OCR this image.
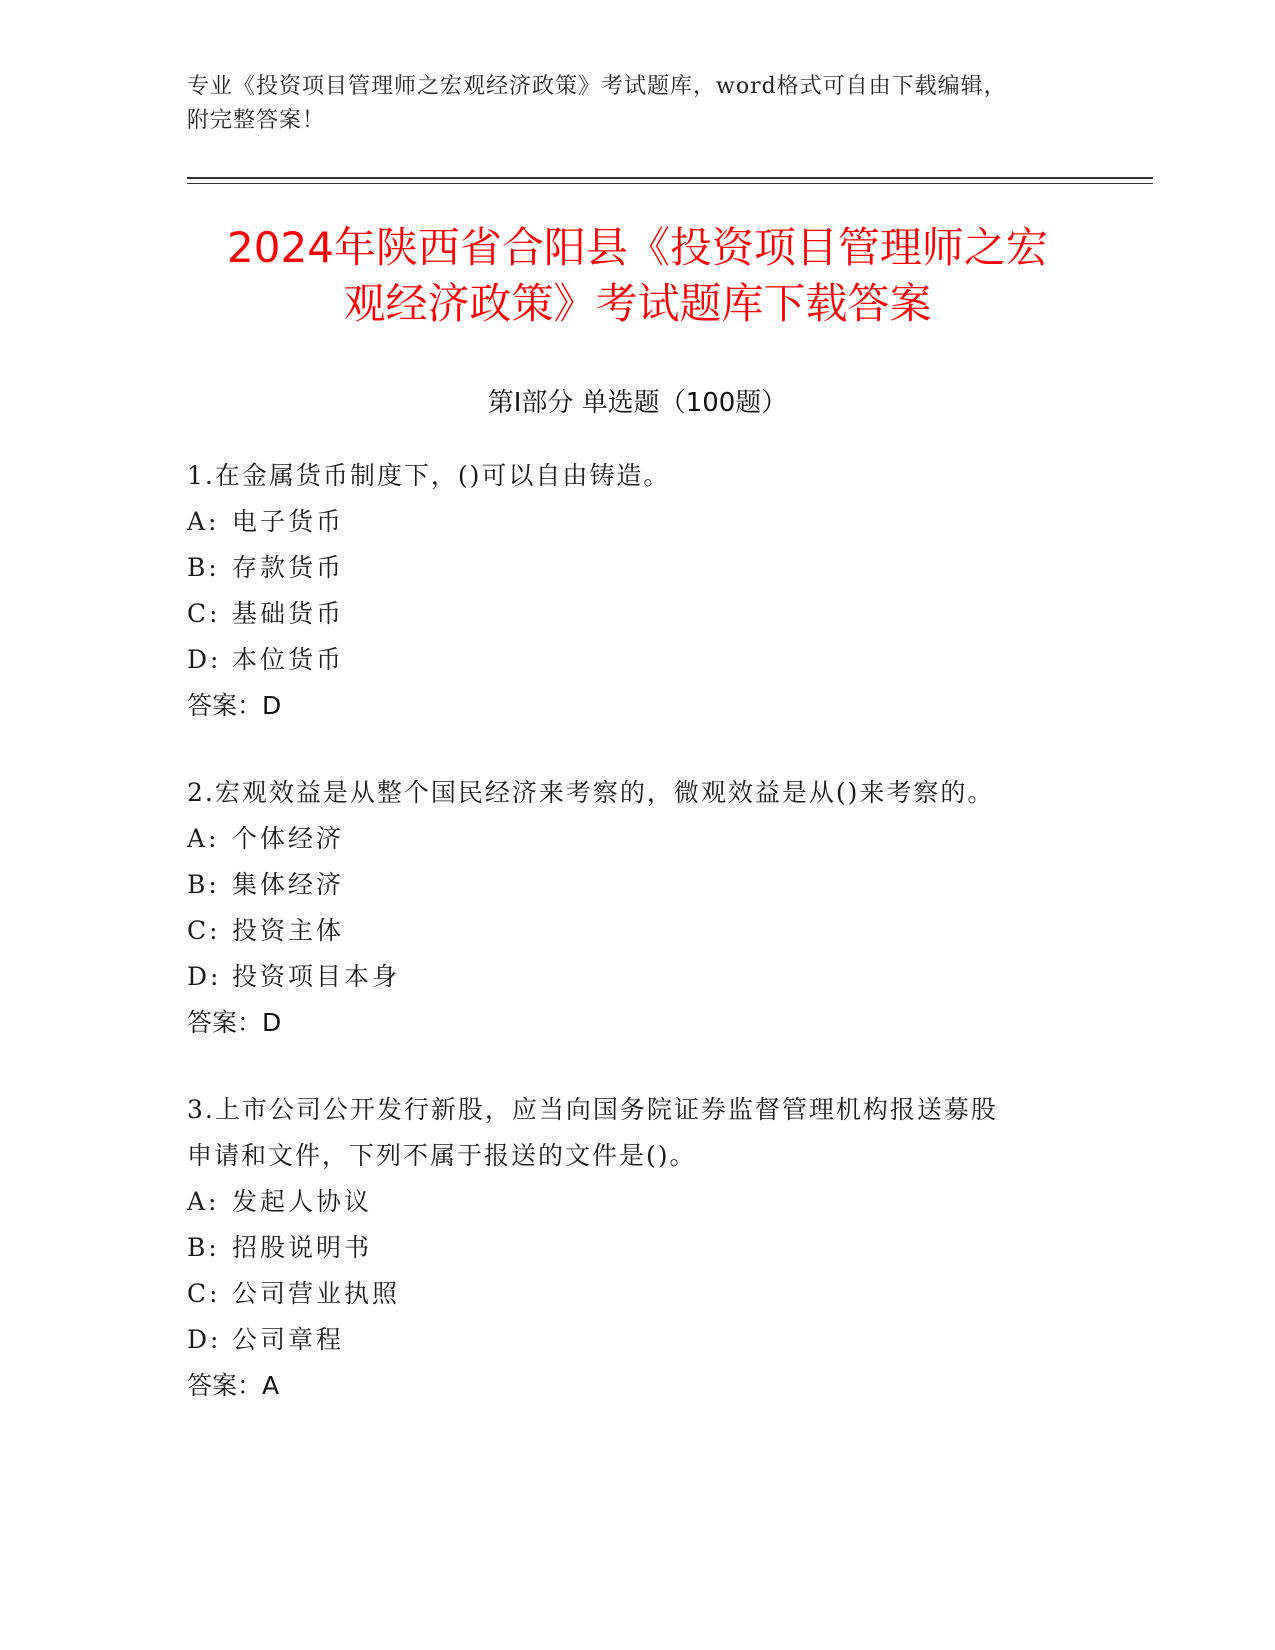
专业《投资项目管理师之宏观经济政策》考试题库，word格式可自由下载编辑，
附完整答案！
2024年陕西省合阳县《投资项目管理师之宏
观经济政策》考试题库下载答案
第Ⅰ部分 单选题（100题）
1.在金属货币制度下，()可以自由铸造。
A: 电子货币
B: 存款货币
C: 基础货币
D: 本位货币
答案：D
2.宏观效益是从整个国民经济来考察的，微观效益是从()来考察的。
A: 个体经济
B: 集体经济
C: 投资主体
D: 投资项目本身
答案：D
3.上市公司公开发行新股，应当向国务院证券监督管理机构报送募股
申请和文件，下列不属于报送的文件是()。
A: 发起人协议
B: 招股说明书
C: 公司营业执照
D: 公司章程
答案：A
